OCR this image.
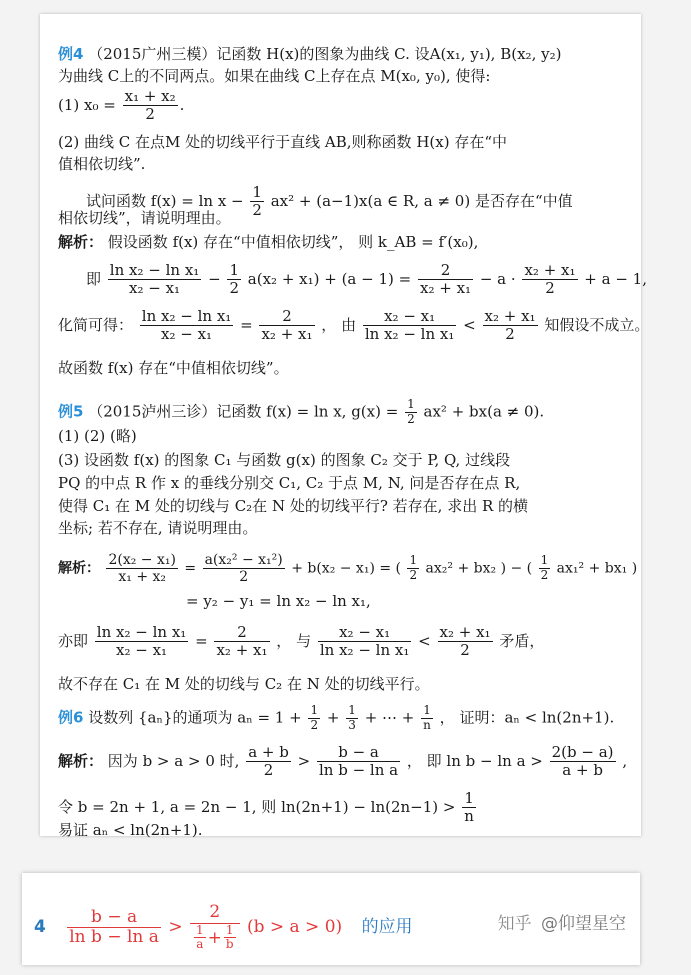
例4 （2015广州三模）记函数 H(x)的图象为曲线 C. 设A(x₁, y₁), B(x₂, y₂)
为曲线 C上的不同两点。如果在曲线 C上存在点 M(x₀, y₀), 使得:
(1) $x_0 = \frac{\text{x₁ + x₂}}{2}$ .
(2) 曲线 C 在点M 处的切线平行于直线 AB,则称函数 H(x) 存在“中
值相依切线”.
试问函数 $f(x) = \ln x - \frac{1}{2} ax^2 + (a-1)x(a$ ∈ R, a ≠ 0) 是否存在“中值
相依切线”，请说明理由。
解析： 假设函数 f(x) 存在“中值相依切线”， 则 k_AB = f′(x₀),
即 $\frac{\text{ln x₂ − ln x₁}}{\text{x₂ − x₁}} - \frac{1}{2} a(x_2 + x_1) + (a - 1) = \frac{2}{\text{x₂ + x₁}} - a \cdot \frac{\text{x₂ + x₁}}{2} + a - 1$,
化简可得： $\frac{\text{ln x₂ − ln x₁}}{\text{x₂ − x₁}} = \frac{2}{\text{x₂ + x₁}}$ ， 由 $\frac{\text{x₂ − x₁}}{\text{ln x₂ − ln x₁}} < \frac{\text{x₂ + x₁}}{2}$ 知假设不成立。
故函数 f(x) 存在“中值相依切线”。
例5 （2015泸州三诊）记函数 f(x) = ln x, $g(x) = \frac{1}{2} ax^2 + bx(a \ne 0)$.
(1) (2) (略)
(3) 设函数 f(x) 的图象 C₁ 与函数 g(x) 的图象 C₂ 交于 P, Q, 过线段
PQ 的中点 R 作 x 的垂线分别交 C₁, C₂ 于点 M, N, 问是否存在点 R,
使得 C₁ 在 M 处的切线与 C₂在 N 处的切线平行? 若存在, 求出 R 的横
坐标; 若不存在, 请说明理由。
解析： $\frac{\text{2(x₂ − x₁)}}{\text{x₁ + x₂}} = \frac{\text{a(x₂² − x₁²)}}{2} + b(x_2 - x_1)$ = ( $\frac{1}{2} ax_2^2 + bx_2$ ) − ( $\frac{1}{2} ax_1^2 + bx_1$ )
= y₂ − y₁ = ln x₂ − ln x₁,
亦即 $\frac{\text{ln x₂ − ln x₁}}{\text{x₂ − x₁}} = \frac{2}{\text{x₂ + x₁}}$ ， 与 $\frac{\text{x₂ − x₁}}{\text{ln x₂ − ln x₁}} < \frac{\text{x₂ + x₁}}{2}$ 矛盾，
故不存在 C₁ 在 M 处的切线与 C₂ 在 N 处的切线平行。
例6 设数列 {aₙ}的通项为 $a_n = 1 + \frac{1}{2} + \frac{1}{3}$ + ⋯ + $\frac{1}{n}$ ， 证明：aₙ < ln(2n+1).
解析： 因为 b > a > 0 时, $\frac{a + b}{2} > \frac{b - a}{\text{ln b − ln a}}$ ， 即 $\ln b - \ln a > \frac{2(b - a)}{a + b}$ ,
令 b = 2n + 1, a = 2n − 1, 则 $\ln(2n+1) - \ln(2n-1) > \frac{1}{n}$
易证 aₙ < ln(2n+1).
$4 \frac{b - a}{\text{ln b − ln a}} > \frac{2}{\frac{1}{a} + \frac{1}{b}} (b > a > 0)$ 的应用	知乎 @仰望星空
